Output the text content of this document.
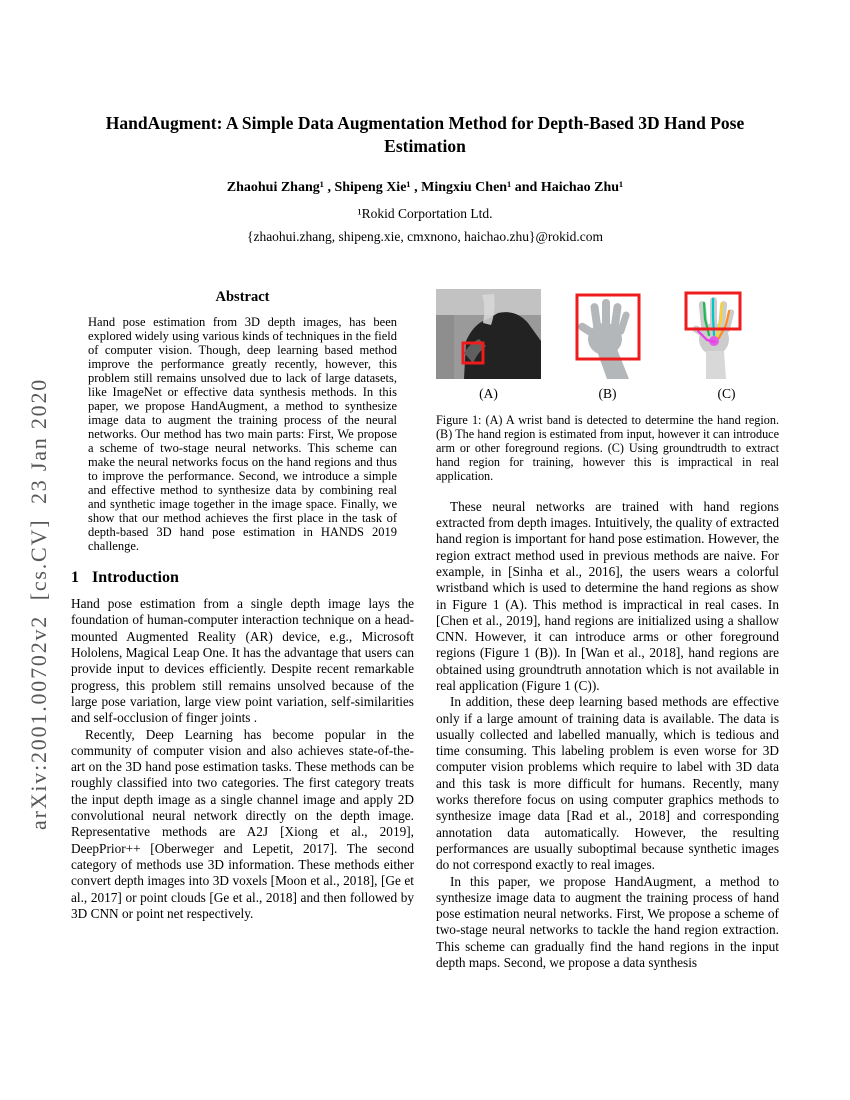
arXiv:2001.00702v2  [cs.CV]  23 Jan 2020
HandAugment: A Simple Data Augmentation Method for Depth-Based 3D Hand Pose Estimation
Zhaohui Zhang¹ , Shipeng Xie¹ , Mingxiu Chen¹ and Haichao Zhu¹
¹Rokid Corportation Ltd.
{zhaohui.zhang, shipeng.xie, cmxnono, haichao.zhu}@rokid.com
Abstract

Hand pose estimation from 3D depth images, has been explored widely using various kinds of techniques in the field of computer vision. Though, deep learning based method improve the performance greatly recently, however, this problem still remains unsolved due to lack of large datasets, like ImageNet or effective data synthesis methods. In this paper, we propose HandAugment, a method to synthesize image data to augment the training process of the neural networks. Our method has two main parts: First, We propose a scheme of two-stage neural networks. This scheme can make the neural networks focus on the hand regions and thus to improve the performance. Second, we introduce a simple and effective method to synthesize data by combining real and synthetic image together in the image space. Finally, we show that our method achieves the first place in the task of depth-based 3D hand pose estimation in HANDS 2019 challenge.

1 Introduction

Hand pose estimation from a single depth image lays the foundation of human-computer interaction technique on a head-mounted Augmented Reality (AR) device, e.g., Microsoft Hololens, Magical Leap One. It has the advantage that users can provide input to devices efficiently. Despite recent remarkable progress, this problem still remains unsolved because of the large pose variation, large view point variation, self-similarities and self-occlusion of finger joints .

Recently, Deep Learning has become popular in the community of computer vision and also achieves state-of-the-art on the 3D hand pose estimation tasks. These methods can be roughly classified into two categories. The first category treats the input depth image as a single channel image and apply 2D convolutional neural network directly on the depth image. Representative methods are A2J [Xiong et al., 2019], DeepPrior++ [Oberweger and Lepetit, 2017]. The second category of methods use 3D information. These methods either convert depth images into 3D voxels [Moon et al., 2018], [Ge et al., 2017] or point clouds [Ge et al., 2018] and then followed by 3D CNN or point net respectively.

(A)	(B)	(C)

Figure 1: (A) A wrist band is detected to determine the hand region. (B) The hand region is estimated from input, however it can introduce arm or other foreground regions. (C) Using groundtrudth to extract hand region for training, however this is impractical in real application.

These neural networks are trained with hand regions extracted from depth images. Intuitively, the quality of extracted hand region is important for hand pose estimation. However, the region extract method used in previous methods are naive. For example, in [Sinha et al., 2016], the users wears a colorful wristband which is used to determine the hand regions as show in Figure 1 (A). This method is impractical in real cases. In [Chen et al., 2019], hand regions are initialized using a shallow CNN. However, it can introduce arms or other foreground regions (Figure 1 (B)). In [Wan et al., 2018], hand regions are obtained using groundtruth annotation which is not available in real application (Figure 1 (C)).

In addition, these deep learning based methods are effective only if a large amount of training data is available. The data is usually collected and labelled manually, which is tedious and time consuming. This labeling problem is even worse for 3D computer vision problems which require to label with 3D data and this task is more difficult for humans. Recently, many works therefore focus on using computer graphics methods to synthesize image data [Rad et al., 2018] and corresponding annotation data automatically. However, the resulting performances are usually suboptimal because synthetic images do not correspond exactly to real images.

In this paper, we propose HandAugment, a method to synthesize image data to augment the training process of hand pose estimation neural networks. First, We propose a scheme of two-stage neural networks to tackle the hand region extraction. This scheme can gradually find the hand regions in the input depth maps. Second, we propose a data synthesis
